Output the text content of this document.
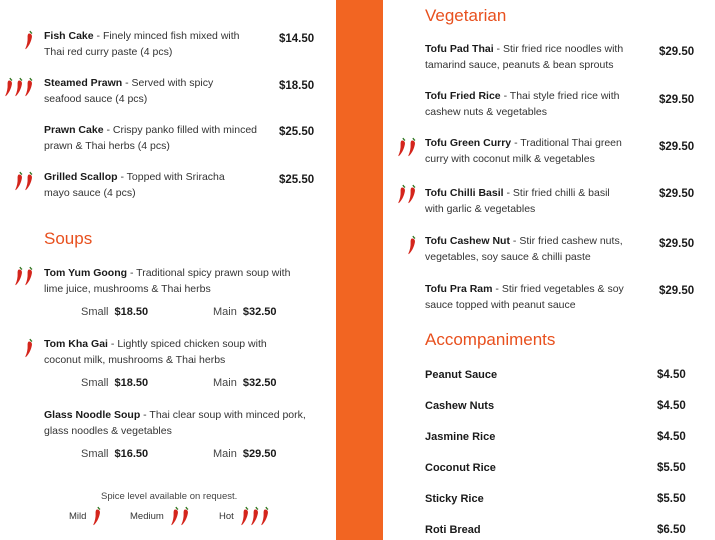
Fish Cake - Finely minced fish mixed with
Thai red curry paste (4 pcs)
$14.50
Steamed Prawn - Served with spicy
seafood sauce (4 pcs)
$18.50
Prawn Cake - Crispy panko filled with minced
prawn & Thai herbs (4 pcs)
$25.50
Grilled Scallop - Topped with Sriracha
mayo sauce (4 pcs)
$25.50
Soups
Tom Yum Goong - Traditional spicy prawn soup with
lime juice, mushrooms & Thai herbs
Small $18.50	Main $32.50
Tom Kha Gai - Lightly spiced chicken soup with
coconut milk, mushrooms & Thai herbs
Small $18.50	Main $32.50
Glass Noodle Soup - Thai clear soup with minced pork,
glass noodles & vegetables
Small $16.50	Main $29.50
Spice level available on request.
Mild	Medium	Hot
Vegetarian
Tofu Pad Thai - Stir fried rice noodles with
tamarind sauce, peanuts & bean sprouts
$29.50
Tofu Fried Rice - Thai style fried rice with
cashew nuts & vegetables
$29.50
Tofu Green Curry - Traditional Thai green
curry with coconut milk & vegetables
$29.50
Tofu Chilli Basil - Stir fried chilli & basil
with garlic & vegetables
$29.50
Tofu Cashew Nut - Stir fried cashew nuts,
vegetables, soy sauce & chilli paste
$29.50
Tofu Pra Ram - Stir fried vegetables & soy
sauce topped with peanut sauce
$29.50
Accompaniments
Peanut Sauce	$4.50
Cashew Nuts	$4.50
Jasmine Rice	$4.50
Coconut Rice	$5.50
Sticky Rice	$5.50
Roti Bread	$6.50
